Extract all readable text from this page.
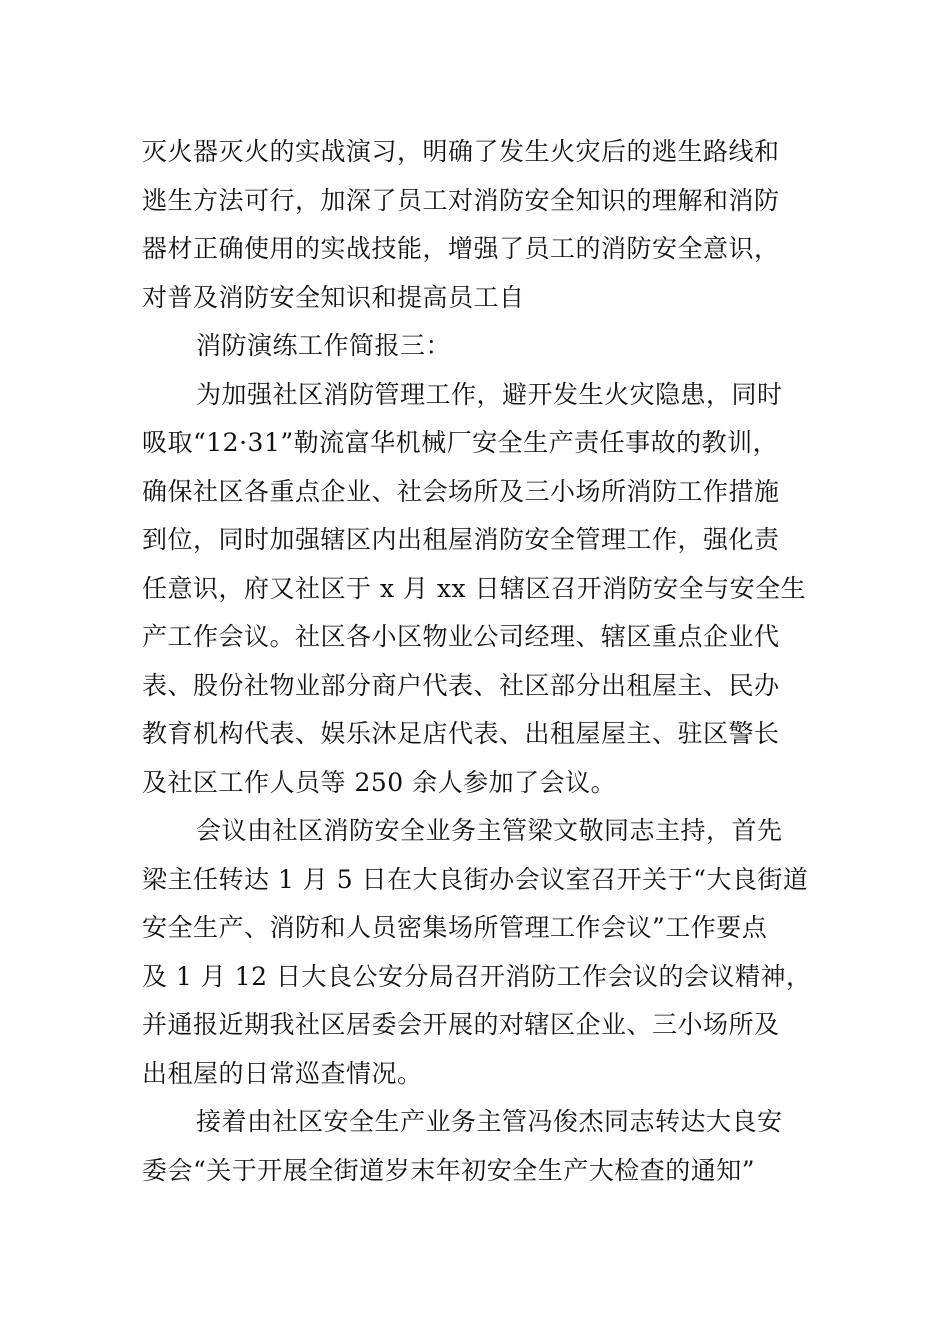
灭火器灭火的实战演习，明确了发生火灾后的逃生路线和
逃生方法可行，加深了员工对消防安全知识的理解和消防
器材正确使用的实战技能，增强了员工的消防安全意识，
对普及消防安全知识和提高员工自
消防演练工作简报三：
为加强社区消防管理工作，避开发生火灾隐患，同时
吸取“12·31”勒流富华机械厂安全生产责任事故的教训，
确保社区各重点企业、社会场所及三小场所消防工作措施
到位，同时加强辖区内出租屋消防安全管理工作，强化责
任意识，府又社区于 x 月 xx 日辖区召开消防安全与安全生
产工作会议。社区各小区物业公司经理、辖区重点企业代
表、股份社物业部分商户代表、社区部分出租屋主、民办
教育机构代表、娱乐沐足店代表、出租屋屋主、驻区警长
及社区工作人员等 250 余人参加了会议。
会议由社区消防安全业务主管梁文敬同志主持，首先
梁主任转达 1 月 5 日在大良街办会议室召开关于“大良街道
安全生产、消防和人员密集场所管理工作会议”工作要点
及 1 月 12 日大良公安分局召开消防工作会议的会议精神，
并通报近期我社区居委会开展的对辖区企业、三小场所及
出租屋的日常巡查情况。
接着由社区安全生产业务主管冯俊杰同志转达大良安
委会“关于开展全街道岁末年初安全生产大检查的通知”
